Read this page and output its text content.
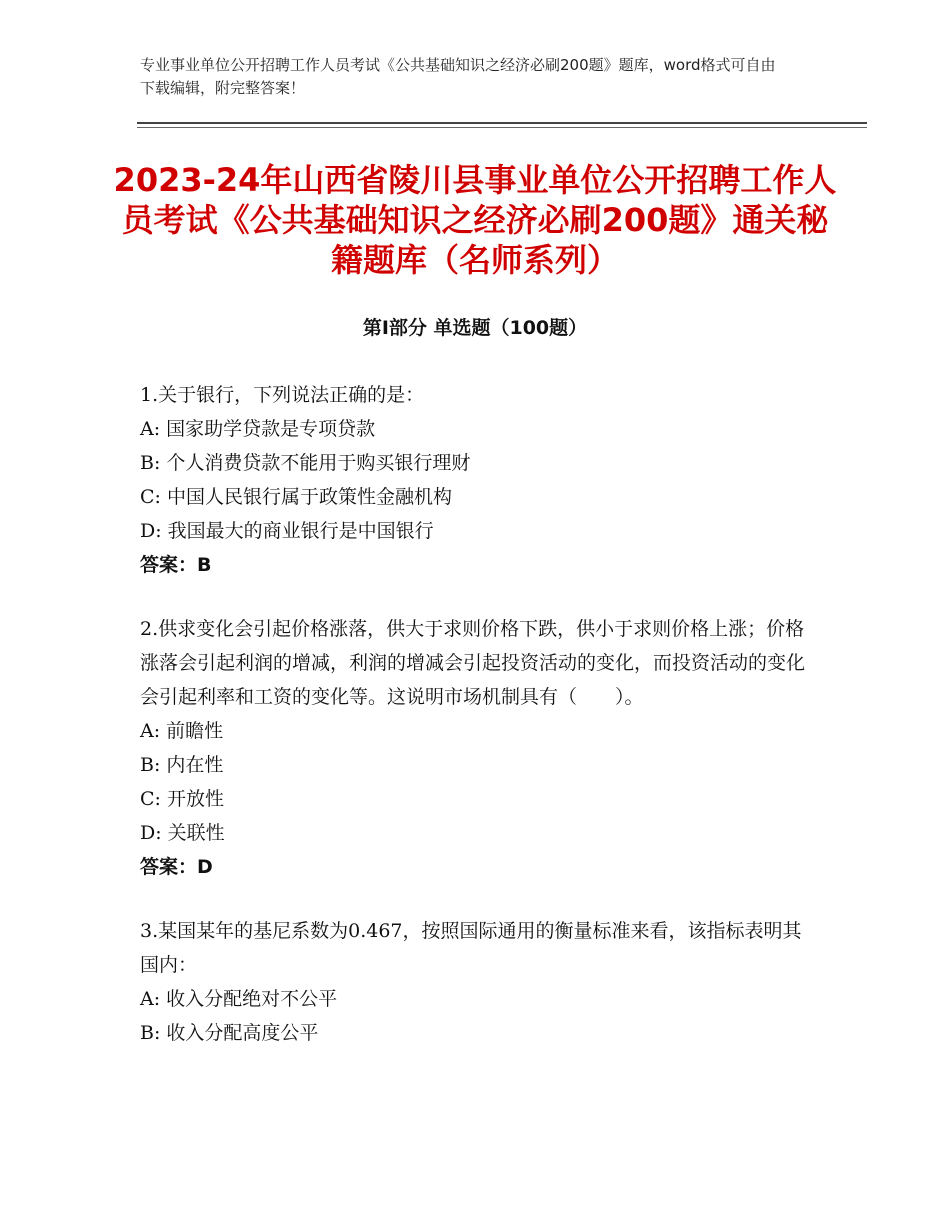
专业事业单位公开招聘工作人员考试《公共基础知识之经济必刷200题》题库，word格式可自由下载编辑，附完整答案！
2023-24年山西省陵川县事业单位公开招聘工作人员考试《公共基础知识之经济必刷200题》通关秘籍题库（名师系列）
第Ⅰ部分 单选题（100题）

1.关于银行，下列说法正确的是：

A: 国家助学贷款是专项贷款

B: 个人消费贷款不能用于购买银行理财

C: 中国人民银行属于政策性金融机构

D: 我国最大的商业银行是中国银行

答案：B

2.供求变化会引起价格涨落，供大于求则价格下跌，供小于求则价格上涨；价格涨落会引起利润的增减，利润的增减会引起投资活动的变化，而投资活动的变化会引起利率和工资的变化等。这说明市场机制具有（　　）。

A: 前瞻性

B: 内在性

C: 开放性

D: 关联性

答案：D

3.某国某年的基尼系数为0.467，按照国际通用的衡量标准来看，该指标表明其国内：

A: 收入分配绝对不公平

B: 收入分配高度公平
